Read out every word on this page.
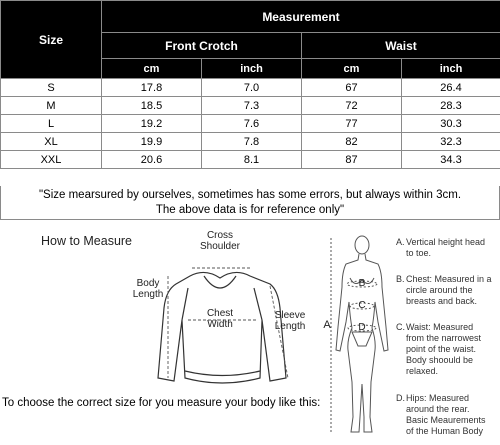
Size	Measurement			
	Front Crotch		Waist	
	cm	inch	cm	inch
S	17.8	7.0	67	26.4
M	18.5	7.3	72	28.3
L	19.2	7.6	77	30.3
XL	19.9	7.8	82	32.3
XXL	20.6	8.1	87	34.3
"Size mearsured by ourselves, sometimes has some errors, but always within 3cm.
The above data is for reference only"
How to Measure	Cross
Shoulder
Body
Length
Chest
Width
Sleeve
Length
To choose the correct size for you measure your body like this:
A
B
C
D
A.Vertical height head
to toe.
B.Chest: Measured in a
circle around the
breasts and back.
C.Waist: Measured
from the narrowest
point of the waist.
Body shoould be
relaxed.
D.Hips: Measured
around the rear.
Basic Meaurements
of the Human Body
